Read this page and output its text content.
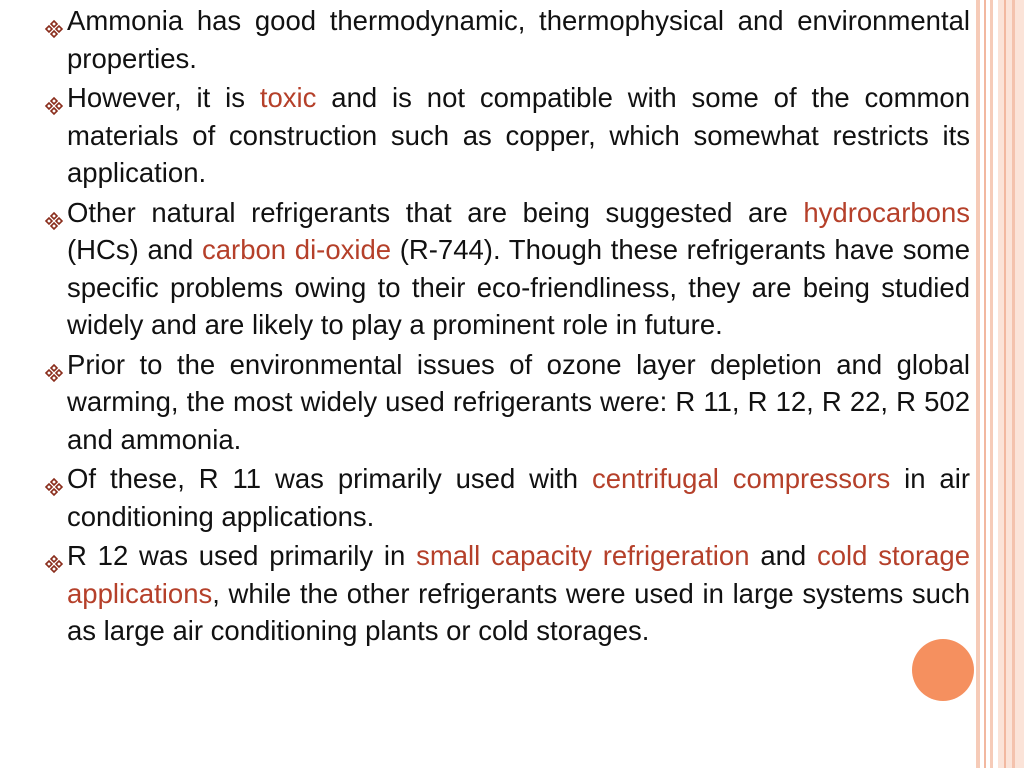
Ammonia has good thermodynamic, thermophysical and environmental properties.
However, it is toxic and is not compatible with some of the common materials of construction such as copper, which somewhat restricts its application.
Other natural refrigerants that are being suggested are hydrocarbons (HCs) and carbon di-oxide (R-744). Though these refrigerants have some specific problems owing to their eco-friendliness, they are being studied widely and are likely to play a prominent role in future.
Prior to the environmental issues of ozone layer depletion and global warming, the most widely used refrigerants were: R 11, R 12, R 22, R 502 and ammonia.
Of these, R 11 was primarily used with centrifugal compressors in air conditioning applications.
R 12 was used primarily in small capacity refrigeration and cold storage applications, while the other refrigerants were used in large systems such as large air conditioning plants or cold storages.
